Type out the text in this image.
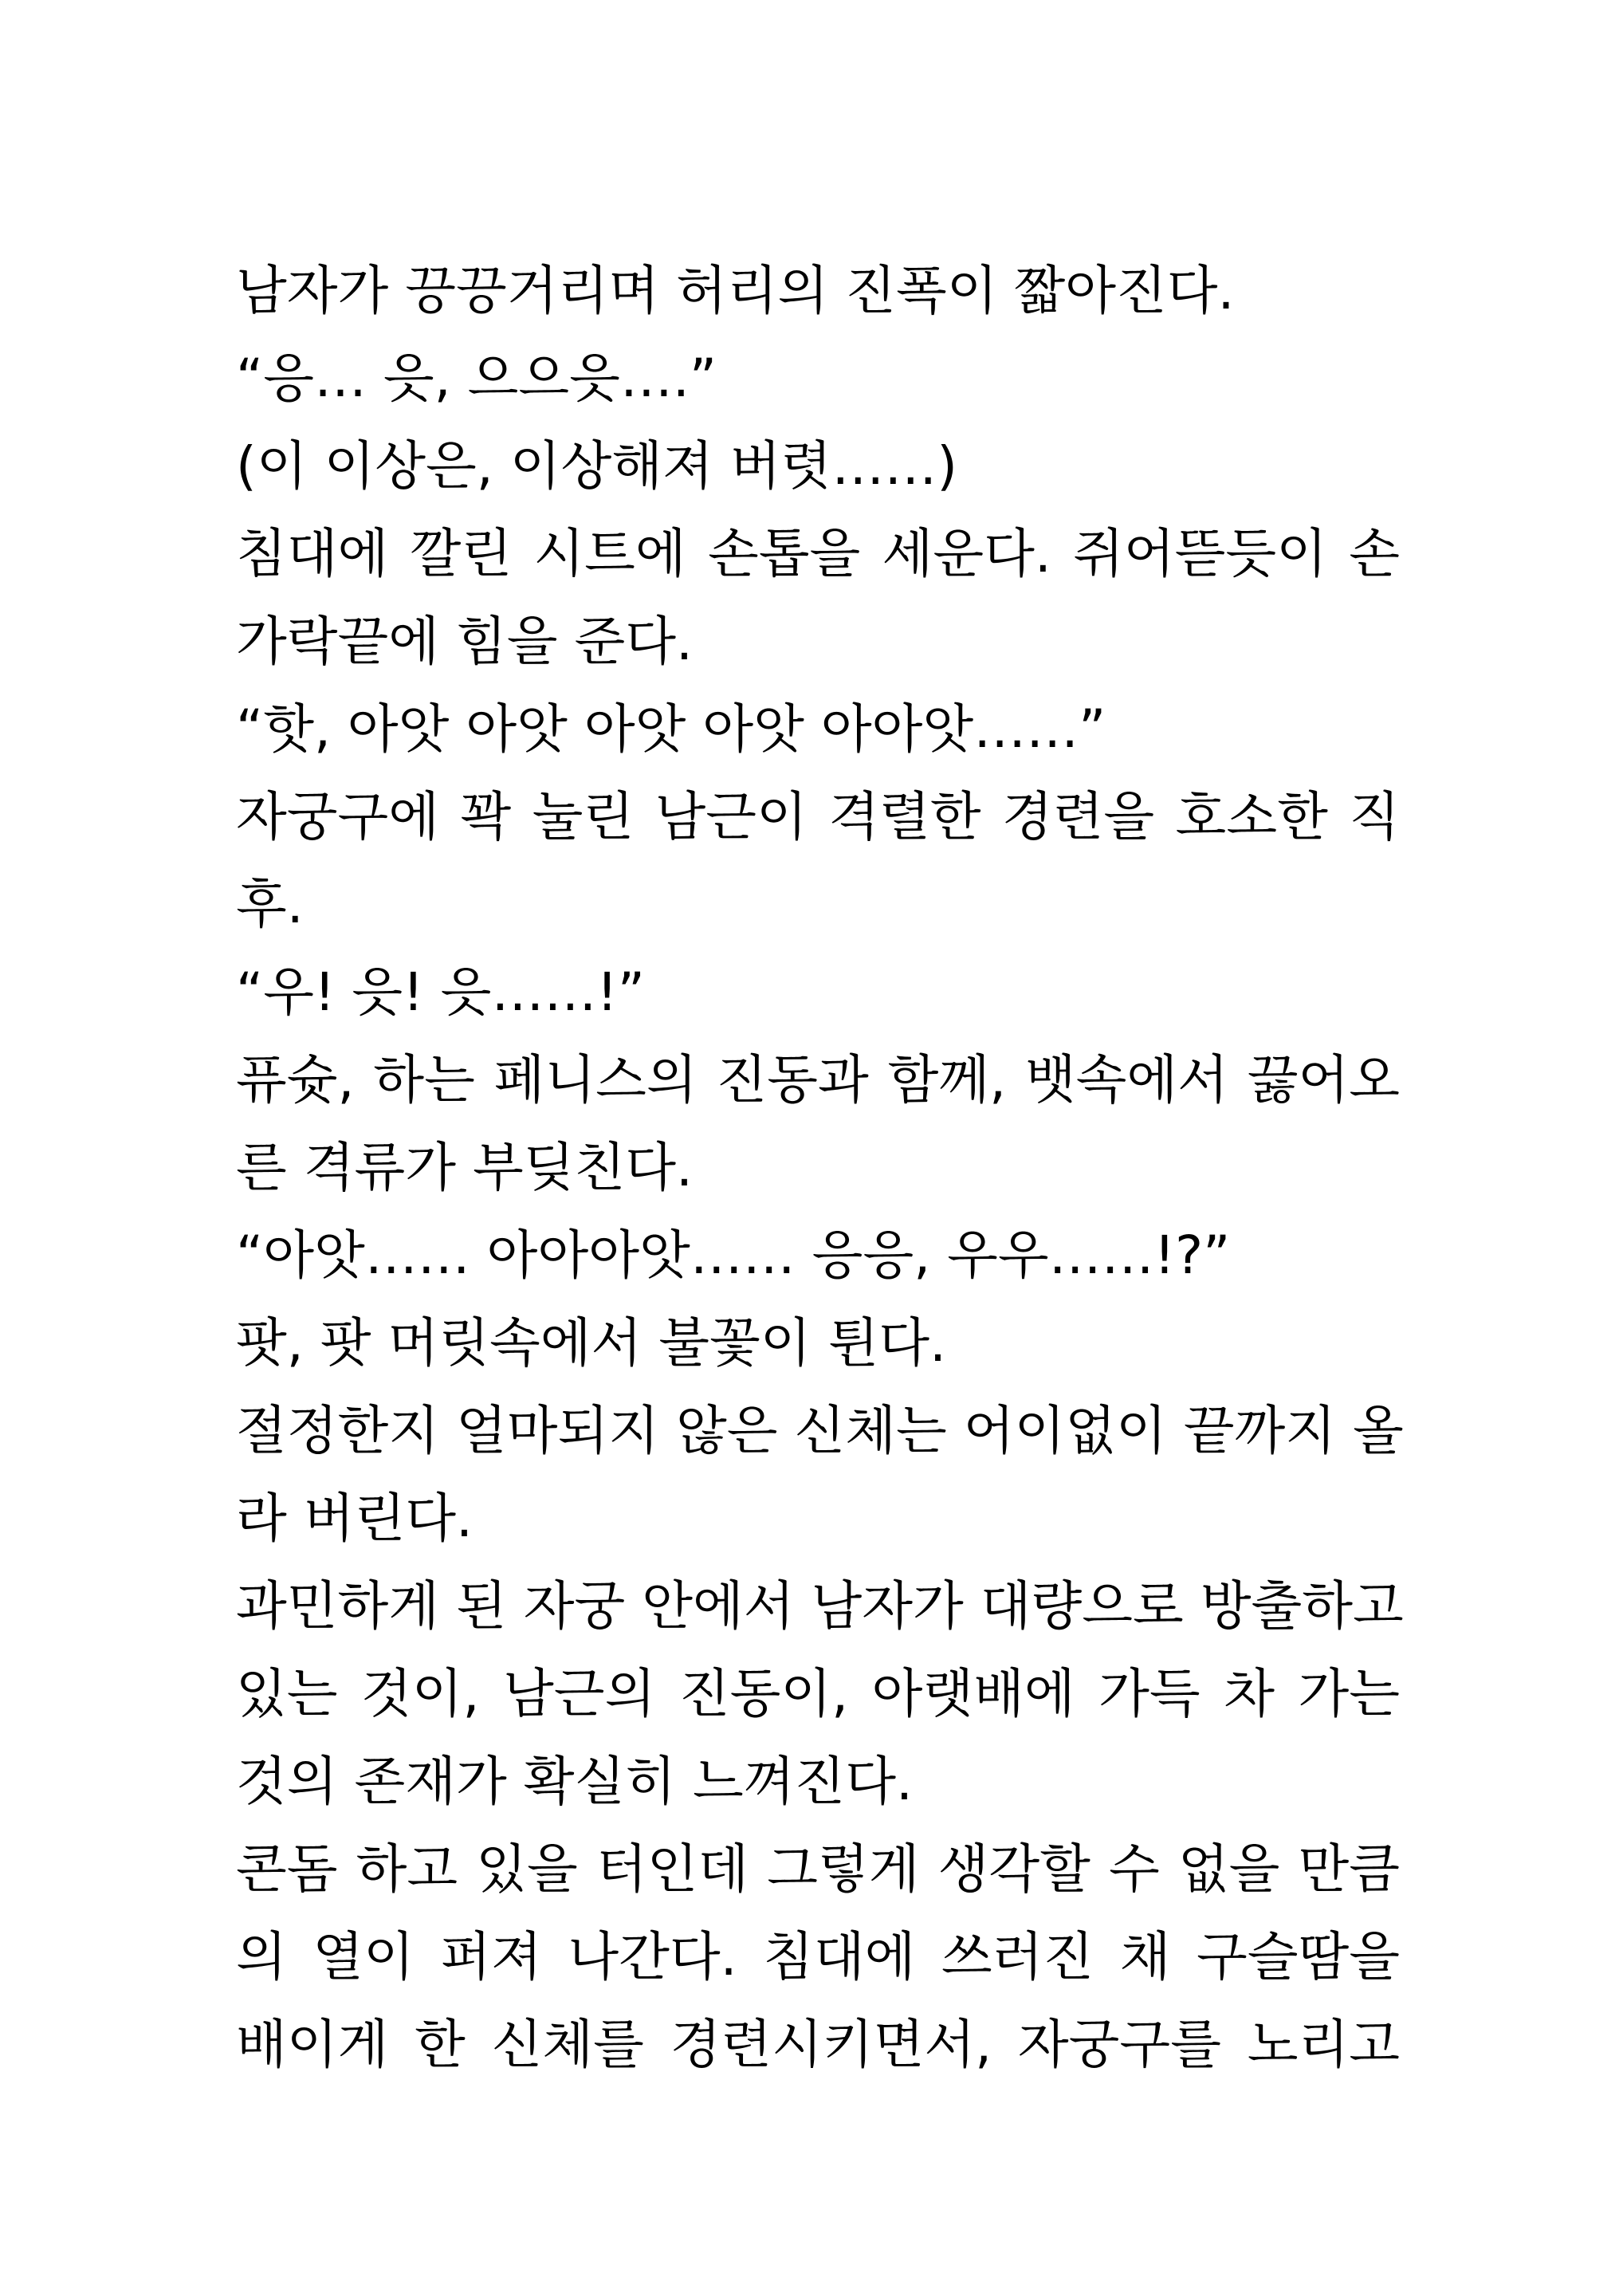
남자가 끙끙거리며 허리의 진폭이 짧아진다.
“응… 읏, 으으읏….”
(이 이상은, 이상해져 버렷……)
침대에 깔린 시트에 손톱을 세운다. 쥐어뜯듯이 손
가락끝에 힘을 준다.
“핫, 아앗 아앗 아앗 아앗 아아앗……”
자궁구에 꽉 눌린 남근이 격렬한 경련을 호소한 직
후.
“우! 읏! 읏……!”
퓨슛, 하는 페니스의 진동과 함께, 뱃속에서 끓어오
른 격류가 부딪친다.
“아앗…… 아아아앗…… 응응, 우우……!?”
팟, 팟 머릿속에서 불꽃이 튄다.
절정한지 얼마되지 않은 신체는 어이없이 끝까지 올
라 버린다.
과민하게 된 자궁 안에서 남자가 대량으로 방출하고
있는 것이, 남근의 진동이, 아랫배에 가득 차 가는
것의 존재가 확실히 느껴진다.
콘돔 하고 있을 터인데 그렇게 생각할 수 없을 만큼
의 열이 퍼져 나간다. 침대에 쓰러진 채 구슬땀을
배이게 한 신체를 경련시키면서, 자궁구를 노리고
